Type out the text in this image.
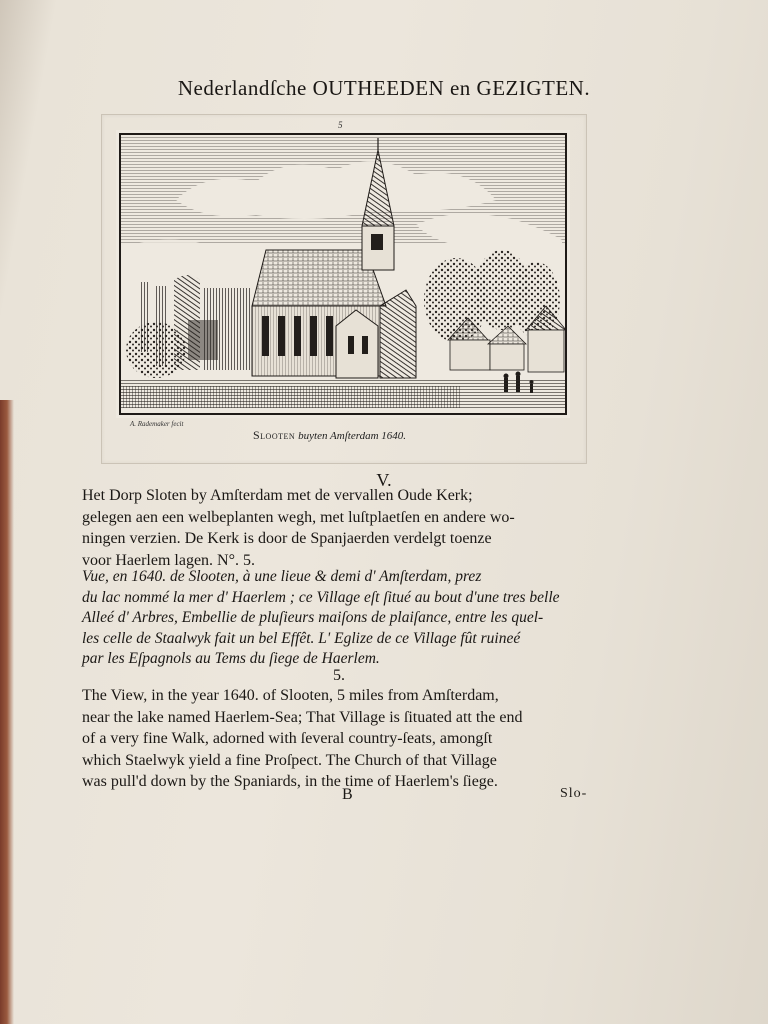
Nederlandſche OUTHEEDEN en GEZIGTEN.
5
A. Rademaker fecit
Slooten buyten Amſterdam 1640.
V.
Het Dorp Sloten by Amſterdam met de vervallen Oude Kerk;
gelegen aen een welbeplanten wegh, met luſtplaetſen en andere wo-
ningen verzien. De Kerk is door de Spanjaerden verdelgt toenze
voor Haerlem lagen. N°. 5.
Vue, en 1640. de Slooten, à une lieue & demi d' Amſterdam, prez
du lac nommé la mer d' Haerlem ; ce Village eſt ſitué au bout d'une tres belle
Alleé d' Arbres, Embellie de pluſieurs maiſons de plaiſance, entre les quel-
les celle de Staalwyk fait un bel Effêt. L' Eglize de ce Village fût ruineé
par les Eſpagnols au Tems du ſiege de Haerlem.
5.
The View, in the year 1640. of Slooten, 5 miles from Amſterdam,
near the lake named Haerlem-Sea; That Village is ſituated att the end
of a very fine Walk, adorned with ſeveral country-ſeats, amongſt
which Staelwyk yield a fine Proſpect. The Church of that Village
was pull'd down by the Spaniards, in the time of Haerlem's ſiege.
B	Slo-
